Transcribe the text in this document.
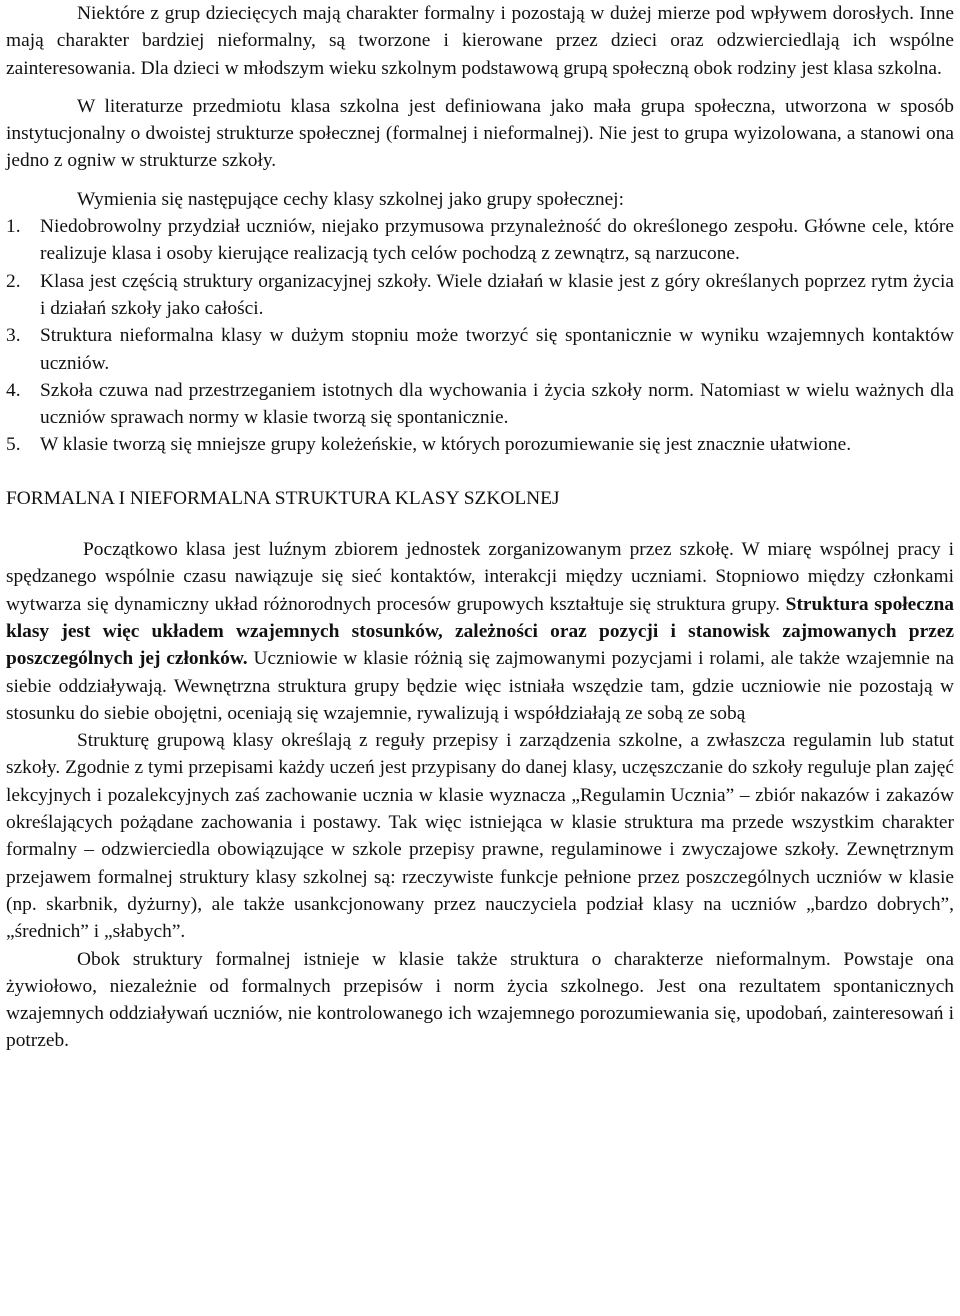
Niektóre z grup dziecięcych mają charakter formalny i pozostają w dużej mierze pod wpływem dorosłych. Inne mają charakter bardziej nieformalny, są tworzone i kierowane przez dzieci oraz odzwierciedlają ich wspólne zainteresowania. Dla dzieci w młodszym wieku szkolnym podstawową grupą społeczną obok rodziny jest klasa szkolna.

W literaturze przedmiotu klasa szkolna jest definiowana jako mała grupa społeczna, utworzona w sposób instytucjonalny o dwoistej strukturze społecznej (formalnej i nieformalnej). Nie jest to grupa wyizolowana, a stanowi ona jedno z ogniw w strukturze szkoły.

Wymienia się następujące cechy klasy szkolnej jako grupy społecznej:

1. Niedobrowolny przydział uczniów, niejako przymusowa przynależność do określonego zespołu. Główne cele, które realizuje klasa i osoby kierujące realizacją tych celów pochodzą z zewnątrz, są narzucone.
2. Klasa jest częścią struktury organizacyjnej szkoły. Wiele działań w klasie jest z góry określanych poprzez rytm życia i działań szkoły jako całości.
3. Struktura nieformalna klasy w dużym stopniu może tworzyć się spontanicznie w wyniku wzajemnych kontaktów uczniów.
4. Szkoła czuwa nad przestrzeganiem istotnych dla wychowania i życia szkoły norm. Natomiast w wielu ważnych dla uczniów sprawach normy w klasie tworzą się spontanicznie.
5. W klasie tworzą się mniejsze grupy koleżeńskie, w których porozumiewanie się jest znacznie ułatwione.

FORMALNA I NIEFORMALNA STRUKTURA KLASY SZKOLNEJ

Początkowo klasa jest luźnym zbiorem jednostek zorganizowanym przez szkołę. W miarę wspólnej pracy i spędzanego wspólnie czasu nawiązuje się sieć kontaktów, interakcji między uczniami. Stopniowo między członkami wytwarza się dynamiczny układ różnorodnych procesów grupowych kształtuje się struktura grupy. Struktura społeczna klasy jest więc układem wzajemnych stosunków, zależności oraz pozycji i stanowisk zajmowanych przez poszczególnych jej członków. Uczniowie w klasie różnią się zajmowanymi pozycjami i rolami, ale także wzajemnie na siebie oddziaływają. Wewnętrzna struktura grupy będzie więc istniała wszędzie tam, gdzie uczniowie nie pozostają w stosunku do siebie obojętni, oceniają się wzajemnie, rywalizują i współdziałają ze sobą ze sobą

Strukturę grupową klasy określają z reguły przepisy i zarządzenia szkolne, a zwłaszcza regulamin lub statut szkoły. Zgodnie z tymi przepisami każdy uczeń jest przypisany do danej klasy, uczęszczanie do szkoły reguluje plan zajęć lekcyjnych i pozalekcyjnych zaś zachowanie ucznia w klasie wyznacza „Regulamin Ucznia” – zbiór nakazów i zakazów określających pożądane zachowania i postawy. Tak więc istniejąca w klasie struktura ma przede wszystkim charakter formalny – odzwierciedla obowiązujące w szkole przepisy prawne, regulaminowe i zwyczajowe szkoły. Zewnętrznym przejawem formalnej struktury klasy szkolnej są: rzeczywiste funkcje pełnione przez poszczególnych uczniów w klasie (np. skarbnik, dyżurny), ale także usankcjonowany przez nauczyciela podział klasy na uczniów „bardzo dobrych”, „średnich” i „słabych”.

Obok struktury formalnej istnieje w klasie także struktura o charakterze nieformalnym. Powstaje ona żywiołowo, niezależnie od formalnych przepisów i norm życia szkolnego. Jest ona rezultatem spontanicznych wzajemnych oddziaływań uczniów, nie kontrolowanego ich wzajemnego porozumiewania się, upodobań, zainteresowań i potrzeb.
